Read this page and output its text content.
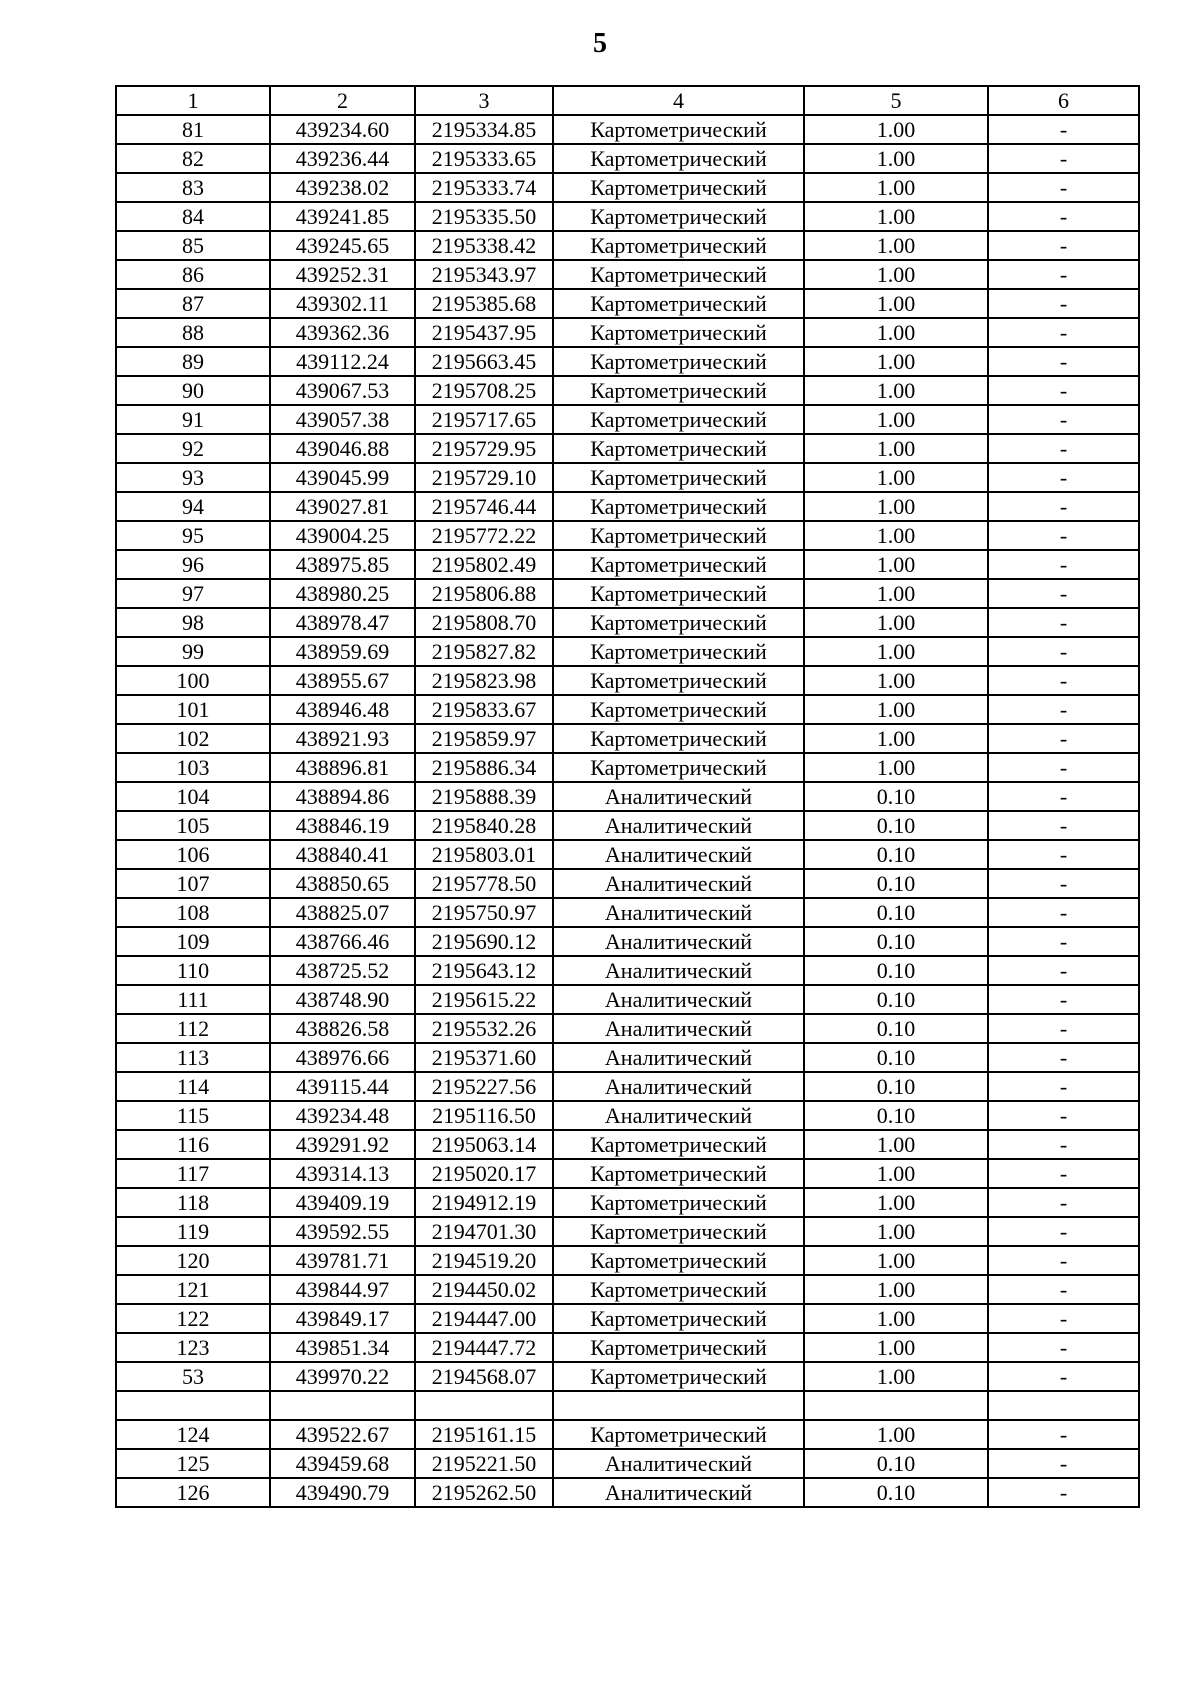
5
1	2	3	4	5	6
81	439234.60	2195334.85	Картометрический	1.00	-
82	439236.44	2195333.65	Картометрический	1.00	-
83	439238.02	2195333.74	Картометрический	1.00	-
84	439241.85	2195335.50	Картометрический	1.00	-
85	439245.65	2195338.42	Картометрический	1.00	-
86	439252.31	2195343.97	Картометрический	1.00	-
87	439302.11	2195385.68	Картометрический	1.00	-
88	439362.36	2195437.95	Картометрический	1.00	-
89	439112.24	2195663.45	Картометрический	1.00	-
90	439067.53	2195708.25	Картометрический	1.00	-
91	439057.38	2195717.65	Картометрический	1.00	-
92	439046.88	2195729.95	Картометрический	1.00	-
93	439045.99	2195729.10	Картометрический	1.00	-
94	439027.81	2195746.44	Картометрический	1.00	-
95	439004.25	2195772.22	Картометрический	1.00	-
96	438975.85	2195802.49	Картометрический	1.00	-
97	438980.25	2195806.88	Картометрический	1.00	-
98	438978.47	2195808.70	Картометрический	1.00	-
99	438959.69	2195827.82	Картометрический	1.00	-
100	438955.67	2195823.98	Картометрический	1.00	-
101	438946.48	2195833.67	Картометрический	1.00	-
102	438921.93	2195859.97	Картометрический	1.00	-
103	438896.81	2195886.34	Картометрический	1.00	-
104	438894.86	2195888.39	Аналитический	0.10	-
105	438846.19	2195840.28	Аналитический	0.10	-
106	438840.41	2195803.01	Аналитический	0.10	-
107	438850.65	2195778.50	Аналитический	0.10	-
108	438825.07	2195750.97	Аналитический	0.10	-
109	438766.46	2195690.12	Аналитический	0.10	-
110	438725.52	2195643.12	Аналитический	0.10	-
111	438748.90	2195615.22	Аналитический	0.10	-
112	438826.58	2195532.26	Аналитический	0.10	-
113	438976.66	2195371.60	Аналитический	0.10	-
114	439115.44	2195227.56	Аналитический	0.10	-
115	439234.48	2195116.50	Аналитический	0.10	-
116	439291.92	2195063.14	Картометрический	1.00	-
117	439314.13	2195020.17	Картометрический	1.00	-
118	439409.19	2194912.19	Картометрический	1.00	-
119	439592.55	2194701.30	Картометрический	1.00	-
120	439781.71	2194519.20	Картометрический	1.00	-
121	439844.97	2194450.02	Картометрический	1.00	-
122	439849.17	2194447.00	Картометрический	1.00	-
123	439851.34	2194447.72	Картометрический	1.00	-
53	439970.22	2194568.07	Картометрический	1.00	-

124	439522.67	2195161.15	Картометрический	1.00	-
125	439459.68	2195221.50	Аналитический	0.10	-
126	439490.79	2195262.50	Аналитический	0.10	-
